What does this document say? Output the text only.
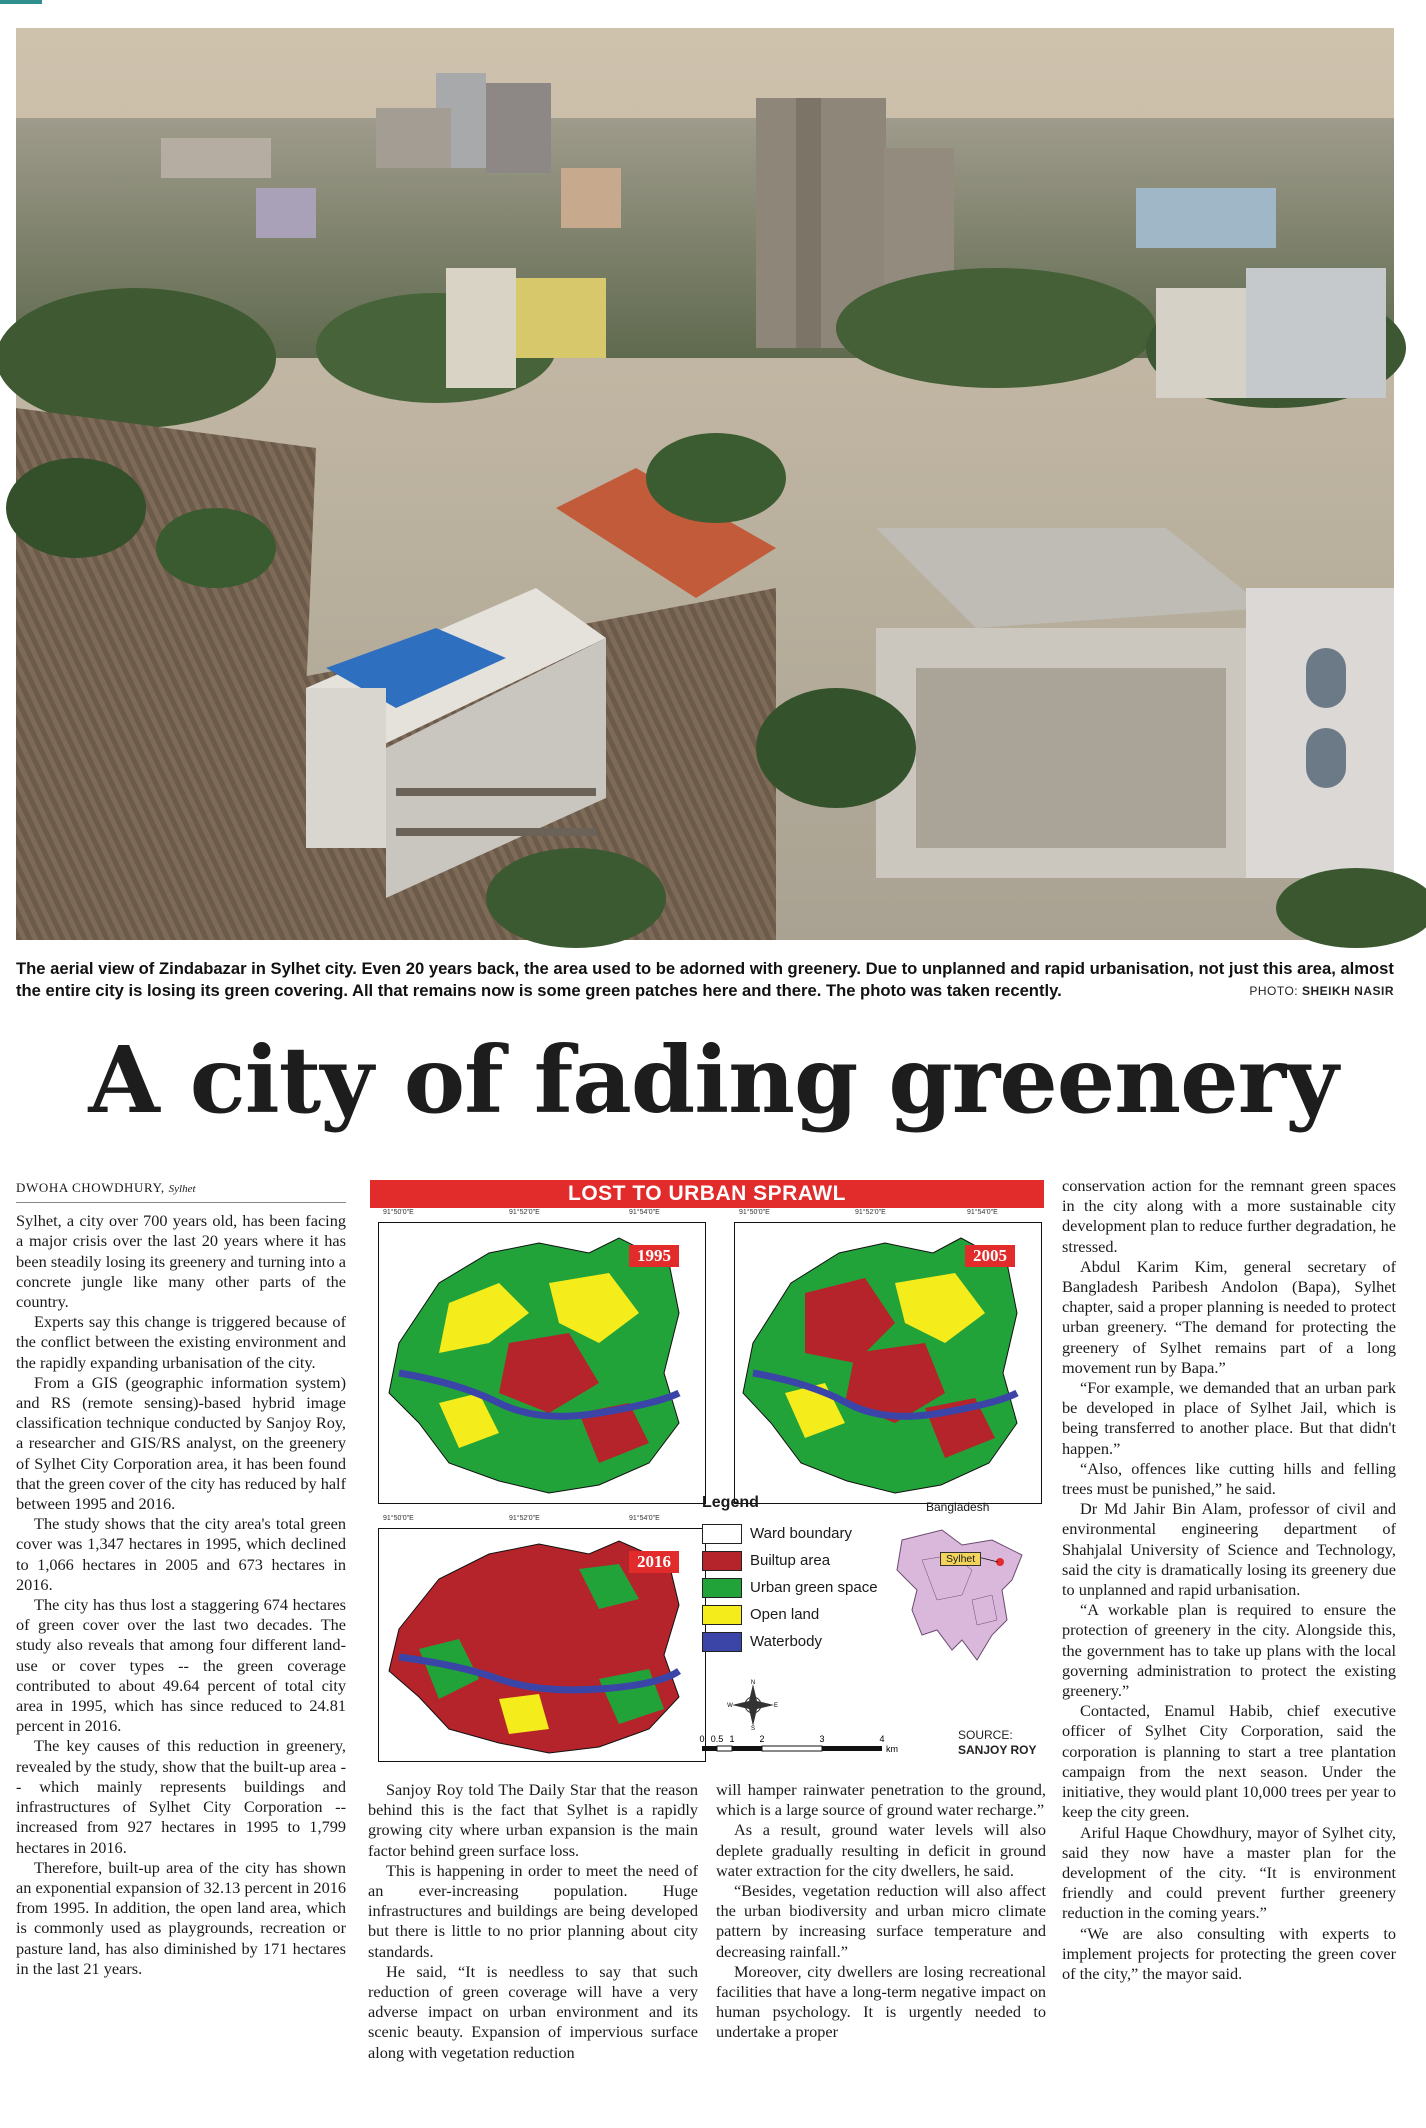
The aerial view of Zindabazar in Sylhet city. Even 20 years back, the area used to be adorned with greenery. Due to unplanned and rapid urbanisation, not just this area, almost the entire city is losing its green covering. All that remains now is some green patches here and there. The photo was taken recently.	PHOTO: SHEIKH NASIR
A city of fading greenery

DWOHA CHOWDHURY, Sylhet

Sylhet, a city over 700 years old, has been facing a major crisis over the last 20 years where it has been steadily losing its greenery and turning into a concrete jungle like many other parts of the country.

Experts say this change is triggered because of the conflict between the existing environment and the rapidly expanding urbanisation of the city.

From a GIS (geographic information system) and RS (remote sensing)-based hybrid image classification technique conducted by Sanjoy Roy, a researcher and GIS/RS analyst, on the greenery of Sylhet City Corporation area, it has been found that the green cover of the city has reduced by half between 1995 and 2016.

The study shows that the city area's total green cover was 1,347 hectares in 1995, which declined to 1,066 hectares in 2005 and 673 hectares in 2016.

The city has thus lost a staggering 674 hectares of green cover over the last two decades. The study also reveals that among four different land-use or cover types -- the green coverage contributed to about 49.64 percent of total city area in 1995, which has since reduced to 24.81 percent in 2016.

The key causes of this reduction in greenery, revealed by the study, show that the built-up area -- which mainly represents buildings and infrastructures of Sylhet City Corporation -- increased from 927 hectares in 1995 to 1,799 hectares in 2016.

Therefore, built-up area of the city has shown an exponential expansion of 32.13 percent in 2016 from 1995. In addition, the open land area, which is commonly used as playgrounds, recreation or pasture land, has also diminished by 171 hectares in the last 21 years.

LOST TO URBAN SPRAWL
91°50'0"E	91°52'0"E	91°54'0"E
1995
91°50'0"E	91°52'0"E	91°54'0"E
2005
91°50'0"E	91°52'0"E	91°54'0"E
2016
Legend
Ward boundary
Builtup area
Urban green space
Open land
Waterbody
Bangladesh
Sylhet
N
S
E
W
0 0.5 1	2	3	4
km
SOURCE:
SANJOY ROY

Sanjoy Roy told The Daily Star that the reason behind this is the fact that Sylhet is a rapidly growing city where urban expansion is the main factor behind green surface loss.

This is happening in order to meet the need of an ever-increasing population. Huge infrastructures and buildings are being developed but there is little to no prior planning about city standards.

He said, “It is needless to say that such reduction of green coverage will have a very adverse impact on urban environment and its scenic beauty. Expansion of impervious surface along with vegetation reduction

will hamper rainwater penetration to the ground, which is a large source of ground water recharge.”

As a result, ground water levels will also deplete gradually resulting in deficit in ground water extraction for the city dwellers, he said.

“Besides, vegetation reduction will also affect the urban biodiversity and urban micro climate pattern by increasing surface temperature and decreasing rainfall.”

Moreover, city dwellers are losing recreational facilities that have a long-term negative impact on human psychology. It is urgently needed to undertake a proper

conservation action for the remnant green spaces in the city along with a more sustainable city development plan to reduce further degradation, he stressed.

Abdul Karim Kim, general secretary of Bangladesh Paribesh Andolon (Bapa), Sylhet chapter, said a proper planning is needed to protect urban greenery. “The demand for protecting the greenery of Sylhet remains part of a long movement run by Bapa.”

“For example, we demanded that an urban park be developed in place of Sylhet Jail, which is being transferred to another place. But that didn't happen.”

“Also, offences like cutting hills and felling trees must be punished,” he said.

Dr Md Jahir Bin Alam, professor of civil and environmental engineering department of Shahjalal University of Science and Technology, said the city is dramatically losing its greenery due to unplanned and rapid urbanisation.

“A workable plan is required to ensure the protection of greenery in the city. Alongside this, the government has to take up plans with the local governing administration to protect the existing greenery.”

Contacted, Enamul Habib, chief executive officer of Sylhet City Corporation, said the corporation is planning to start a tree plantation campaign from the next season. Under the initiative, they would plant 10,000 trees per year to keep the city green.

Ariful Haque Chowdhury, mayor of Sylhet city, said they now have a master plan for the development of the city. “It is environment friendly and could prevent further greenery reduction in the coming years.”

“We are also consulting with experts to implement projects for protecting the green cover of the city,” the mayor said.
